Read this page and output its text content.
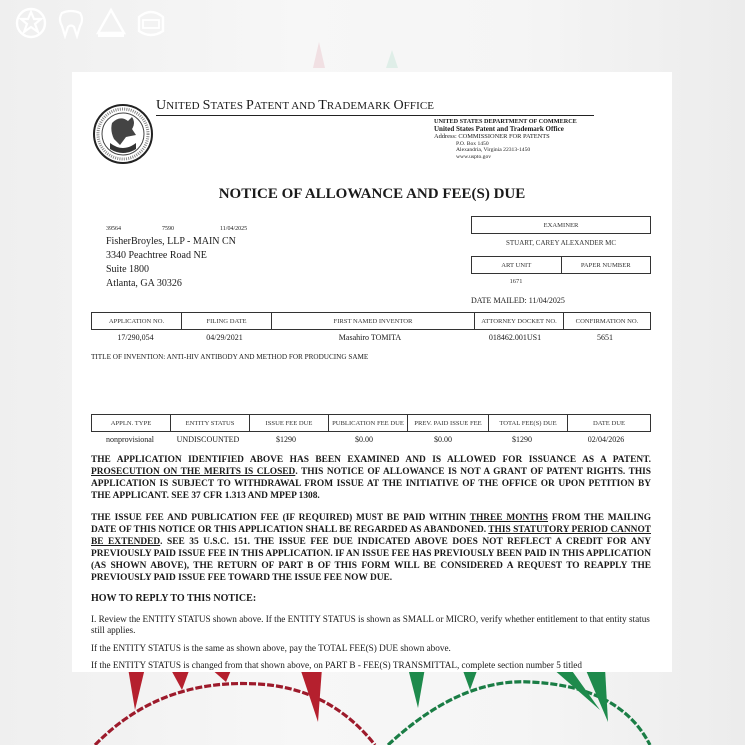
UNITED STATES PATENT AND TRADEMARK OFFICE
UNITED STATES DEPARTMENT OF COMMERCE
United States Patent and Trademark Office
Address: COMMISSIONER FOR PATENTS
P.O. Box 1450
Alexandria, Virginia 22313-1450
www.uspto.gov
NOTICE OF ALLOWANCE AND FEE(S) DUE
39564	7590	11/04/2025
FisherBroyles, LLP - MAIN CN
3340 Peachtree Road NE
Suite 1800
Atlanta, GA 30326
EXAMINER
STUART, CAREY ALEXANDER MC
ART UNIT	PAPER NUMBER
1671
DATE MAILED: 11/04/2025
APPLICATION NO.	FILING DATE	FIRST NAMED INVENTOR	ATTORNEY DOCKET NO.	CONFIRMATION NO.
17/290,054	04/29/2021	Masahiro TOMITA	018462.001US1	5651
TITLE OF INVENTION: ANTI-HIV ANTIBODY AND METHOD FOR PRODUCING SAME
APPLN. TYPE	ENTITY STATUS	ISSUE FEE DUE	PUBLICATION FEE DUE	PREV. PAID ISSUE FEE	TOTAL FEE(S) DUE	DATE DUE
nonprovisional	UNDISCOUNTED	$1290	$0.00	$0.00	$1290	02/04/2026
THE APPLICATION IDENTIFIED ABOVE HAS BEEN EXAMINED AND IS ALLOWED FOR ISSUANCE AS A PATENT. PROSECUTION ON THE MERITS IS CLOSED. THIS NOTICE OF ALLOWANCE IS NOT A GRANT OF PATENT RIGHTS. THIS APPLICATION IS SUBJECT TO WITHDRAWAL FROM ISSUE AT THE INITIATIVE OF THE OFFICE OR UPON PETITION BY THE APPLICANT. SEE 37 CFR 1.313 AND MPEP 1308.
THE ISSUE FEE AND PUBLICATION FEE (IF REQUIRED) MUST BE PAID WITHIN THREE MONTHS FROM THE MAILING DATE OF THIS NOTICE OR THIS APPLICATION SHALL BE REGARDED AS ABANDONED. THIS STATUTORY PERIOD CANNOT BE EXTENDED. SEE 35 U.S.C. 151. THE ISSUE FEE DUE INDICATED ABOVE DOES NOT REFLECT A CREDIT FOR ANY PREVIOUSLY PAID ISSUE FEE IN THIS APPLICATION. IF AN ISSUE FEE HAS PREVIOUSLY BEEN PAID IN THIS APPLICATION (AS SHOWN ABOVE), THE RETURN OF PART B OF THIS FORM WILL BE CONSIDERED A REQUEST TO REAPPLY THE PREVIOUSLY PAID ISSUE FEE TOWARD THE ISSUE FEE NOW DUE.
HOW TO REPLY TO THIS NOTICE:
I. Review the ENTITY STATUS shown above. If the ENTITY STATUS is shown as SMALL or MICRO, verify whether entitlement to that entity status still applies.
If the ENTITY STATUS is the same as shown above, pay the TOTAL FEE(S) DUE shown above.
If the ENTITY STATUS is changed from that shown above, on PART B - FEE(S) TRANSMITTAL, complete section number 5 titled
